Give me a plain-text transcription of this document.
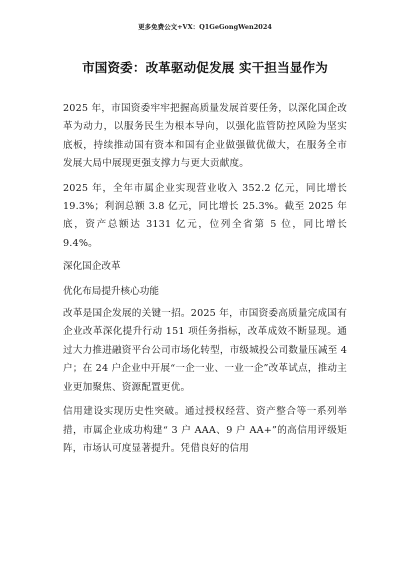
更多免费公文+VX：Q1GeGongWen2024
市国资委：改革驱动促发展 实干担当显作为

2025 年，市国资委牢牢把握高质量发展首要任务，以深化国企改革为动力，以服务民生为根本导向，以强化监管防控风险为坚实底板，持续推动国有资本和国有企业做强做优做大，在服务全市发展大局中展现更强支撑力与更大贡献度。

2025 年，全年市属企业实现营业收入 352.2 亿元，同比增长 19.3%；利润总额 3.8 亿元，同比增长 25.3%。截至 2025 年底，资产总额达 3131 亿元，位列全省第 5 位，同比增长 9.4%。

深化国企改革
优化布局提升核心功能

改革是国企发展的关键一招。2025 年，市国资委高质量完成国有企业改革深化提升行动 151 项任务指标，改革成效不断显现。通过大力推进融资平台公司市场化转型，市级城投公司数量压减至 4 户；在 24 户企业中开展“一企一业、一业一企”改革试点，推动主业更加聚焦、资源配置更优。

信用建设实现历史性突破。通过授权经营、资产整合等一系列举措，市属企业成功构建“ 3 户 AAA、9 户 AA+”的高信用评级矩阵，市场认可度显著提升。凭借良好的信用
